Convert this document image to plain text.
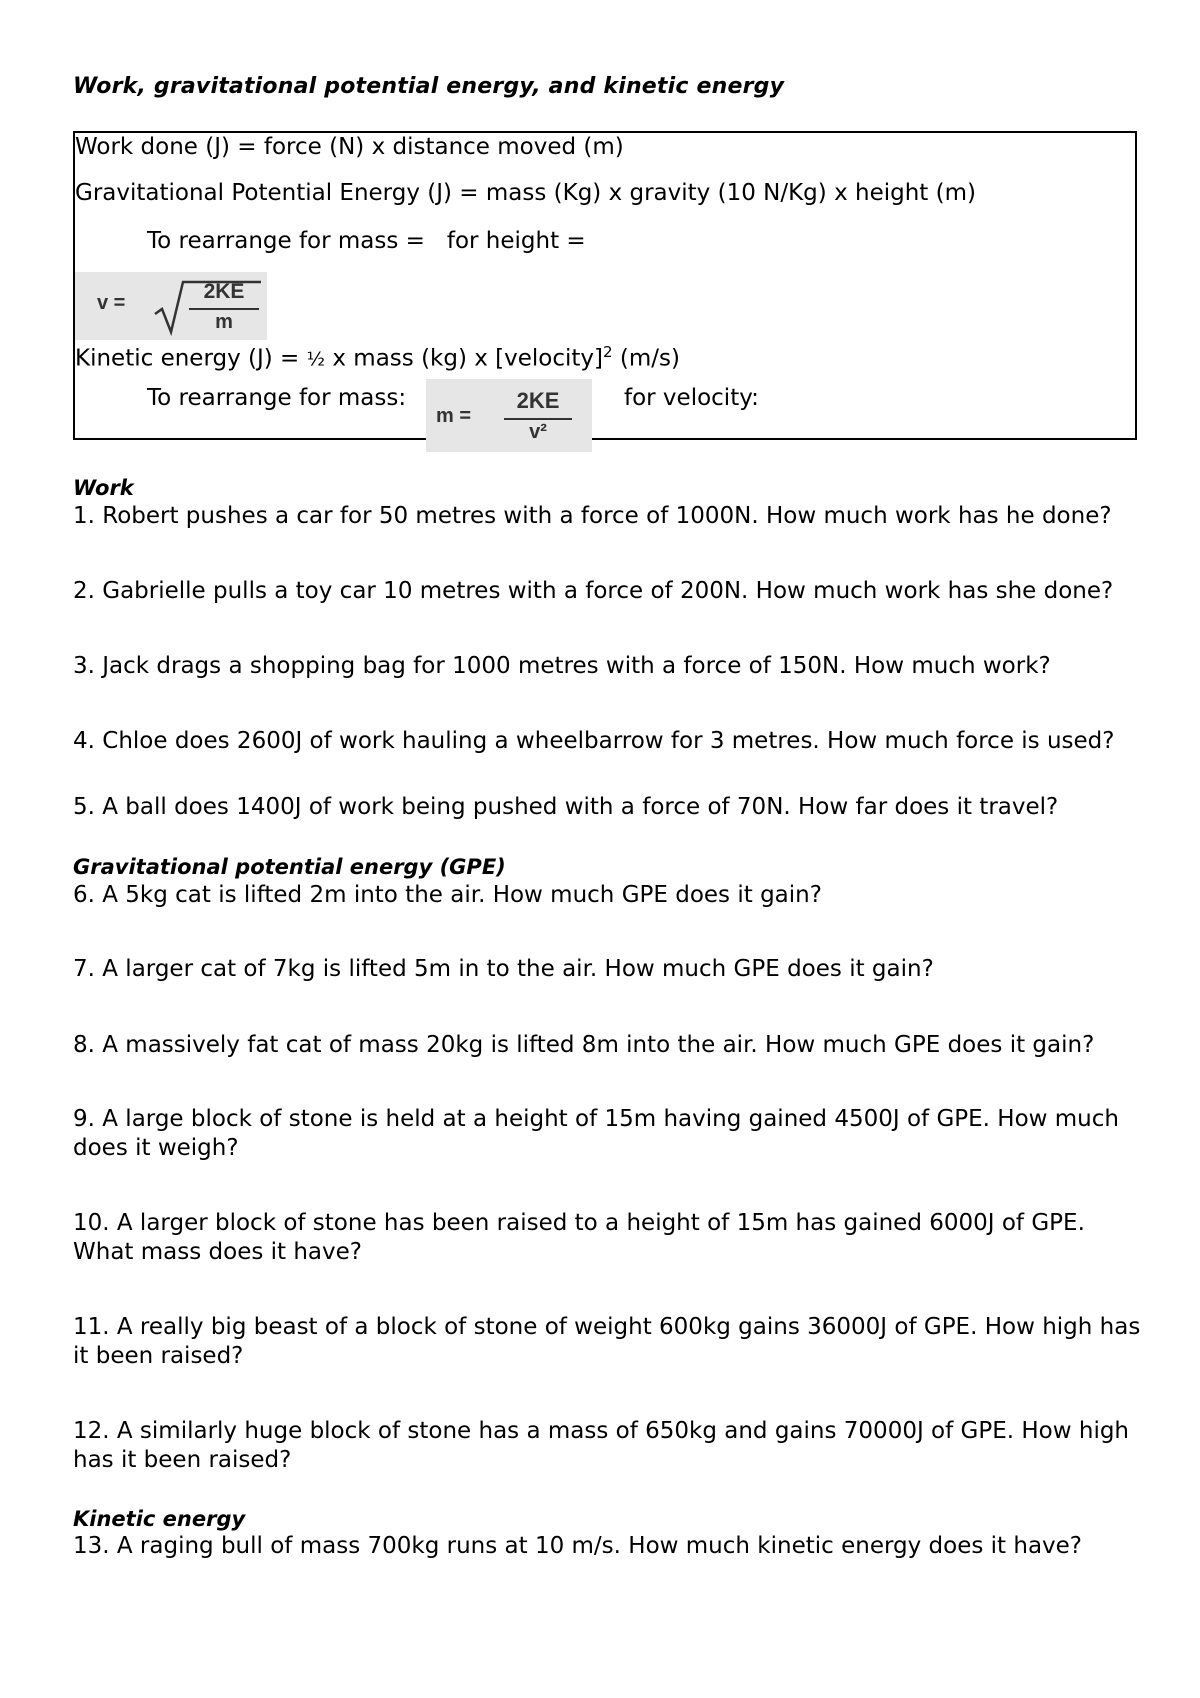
Work, gravitational potential energy, and kinetic energy
Work done (J) = force (N) x distance moved (m)
Gravitational Potential Energy (J) = mass (Kg) x gravity (10 N/Kg) x height (m)
To rearrange for mass =   for height =
v =	2KE
m
Kinetic energy (J) = ½ x mass (kg) x [velocity]$^2$ (m/s)
To rearrange for mass:
m =
2KE
v²
for velocity:
Work
1. Robert pushes a car for 50 metres with a force of 1000N. How much work has he done?
2. Gabrielle pulls a toy car 10 metres with a force of 200N. How much work has she done?
3. Jack drags a shopping bag for 1000 metres with a force of 150N. How much work?
4. Chloe does 2600J of work hauling a wheelbarrow for 3 metres. How much force is used?
5. A ball does 1400J of work being pushed with a force of 70N. How far does it travel?
Gravitational potential energy (GPE)
6. A 5kg cat is lifted 2m into the air. How much GPE does it gain?
7. A larger cat of 7kg is lifted 5m in to the air. How much GPE does it gain?
8. A massively fat cat of mass 20kg is lifted 8m into the air. How much GPE does it gain?
9. A large block of stone is held at a height of 15m having gained 4500J of GPE. How much
does it weigh?
10. A larger block of stone has been raised to a height of 15m has gained 6000J of GPE.
What mass does it have?
11. A really big beast of a block of stone of weight 600kg gains 36000J of GPE. How high has
it been raised?
12. A similarly huge block of stone has a mass of 650kg and gains 70000J of GPE. How high
has it been raised?
Kinetic energy
13. A raging bull of mass 700kg runs at 10 m/s. How much kinetic energy does it have?
